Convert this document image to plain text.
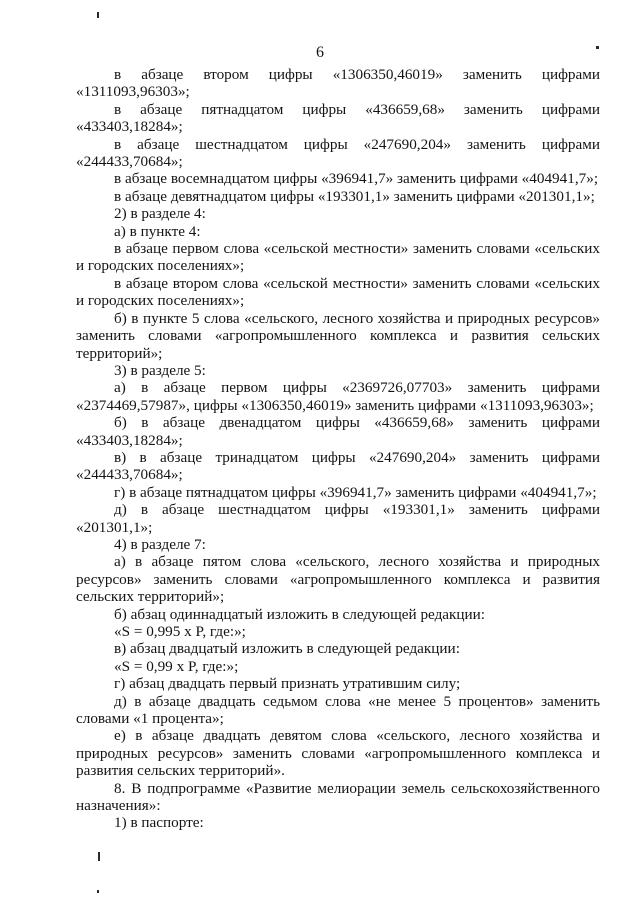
6

в абзаце втором цифры «1306350,46019» заменить цифрами «1311093,96303»;

в абзаце пятнадцатом цифры «436659,68» заменить цифрами «433403,18284»;

в абзаце шестнадцатом цифры «247690,204» заменить цифрами «244433,70684»;

в абзаце восемнадцатом цифры «396941,7» заменить цифрами «404941,7»;

в абзаце девятнадцатом цифры «193301,1» заменить цифрами «201301,1»;

2) в разделе 4:

а) в пункте 4:

в абзаце первом слова «сельской местности» заменить словами «сельских и городских поселениях»;

в абзаце втором слова «сельской местности» заменить словами «сельских и городских поселениях»;

б) в пункте 5 слова «сельского, лесного хозяйства и природных ресурсов» заменить словами «агропромышленного комплекса и развития сельских территорий»;

3) в разделе 5:

а) в абзаце первом цифры «2369726,07703» заменить цифрами «2374469,57987», цифры «1306350,46019» заменить цифрами «1311093,96303»;

б) в абзаце двенадцатом цифры «436659,68» заменить цифрами «433403,18284»;

в) в абзаце тринадцатом цифры «247690,204» заменить цифрами «244433,70684»;

г) в абзаце пятнадцатом цифры «396941,7» заменить цифрами «404941,7»;

д) в абзаце шестнадцатом цифры «193301,1» заменить цифрами «201301,1»;

4) в разделе 7:

а) в абзаце пятом слова «сельского, лесного хозяйства и природных ресурсов» заменить словами «агропромышленного комплекса и развития сельских территорий»;

б) абзац одиннадцатый изложить в следующей редакции:

«S = 0,995 х P, где:»;

в) абзац двадцатый изложить в следующей редакции:

«S = 0,99 х P, где:»;

г) абзац двадцать первый признать утратившим силу;

д) в абзаце двадцать седьмом слова «не менее 5 процентов» заменить словами «1 процента»;

е) в абзаце двадцать девятом слова «сельского, лесного хозяйства и природных ресурсов» заменить словами «агропромышленного комплекса и развития сельских территорий».

8. В подпрограмме «Развитие мелиорации земель сельскохозяйственного назначения»:

1) в паспорте:
